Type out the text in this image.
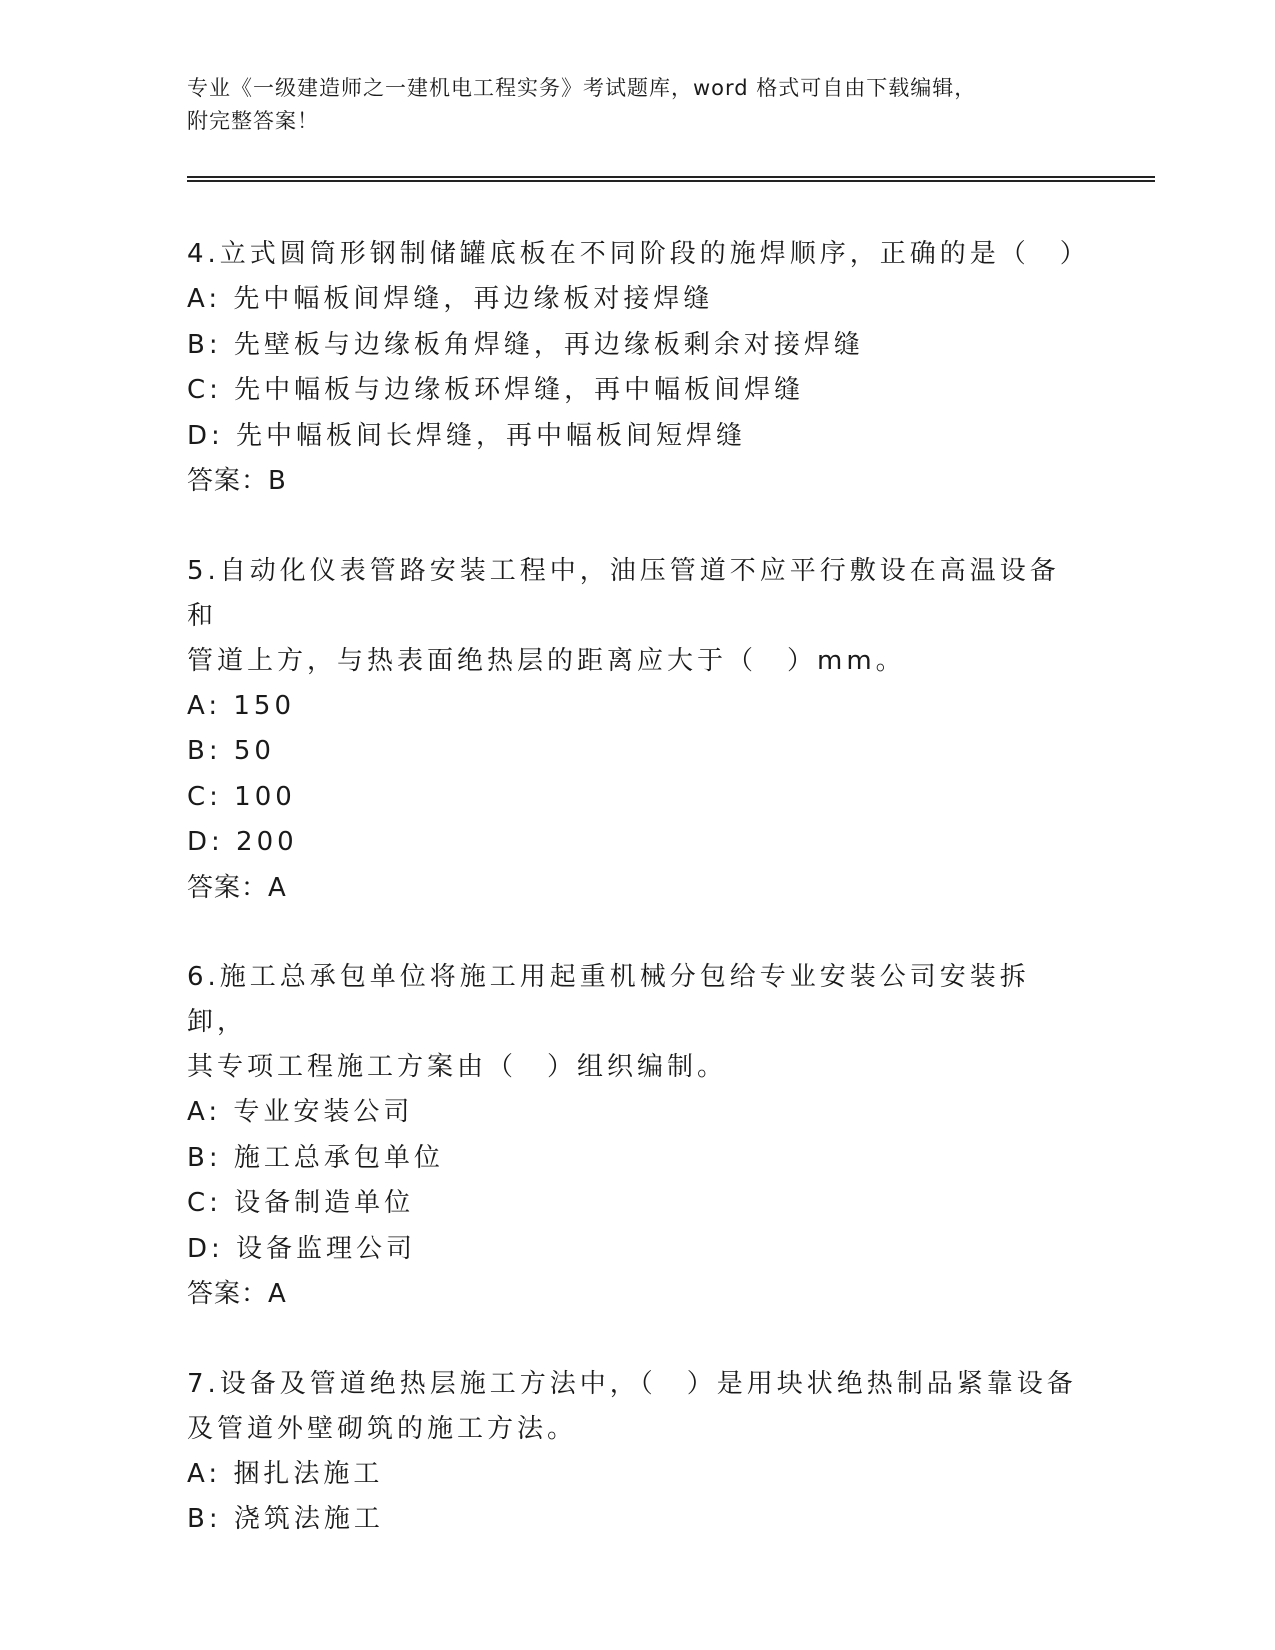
专业《一级建造师之一建机电工程实务》考试题库，word 格式可自由下载编辑，
附完整答案！
4.立式圆筒形钢制储罐底板在不同阶段的施焊顺序，正确的是（　）
A: 先中幅板间焊缝，再边缘板对接焊缝
B: 先壁板与边缘板角焊缝，再边缘板剩余对接焊缝
C: 先中幅板与边缘板环焊缝，再中幅板间焊缝
D: 先中幅板间长焊缝，再中幅板间短焊缝
答案：B
5.自动化仪表管路安装工程中，油压管道不应平行敷设在高温设备和
管道上方，与热表面绝热层的距离应大于（　）mm。
A: 150
B: 50
C: 100
D: 200
答案：A
6.施工总承包单位将施工用起重机械分包给专业安装公司安装拆卸，
其专项工程施工方案由（　）组织编制。
A: 专业安装公司
B: 施工总承包单位
C: 设备制造单位
D: 设备监理公司
答案：A
7.设备及管道绝热层施工方法中，（　）是用块状绝热制品紧靠设备
及管道外壁砌筑的施工方法。
A: 捆扎法施工
B: 浇筑法施工
